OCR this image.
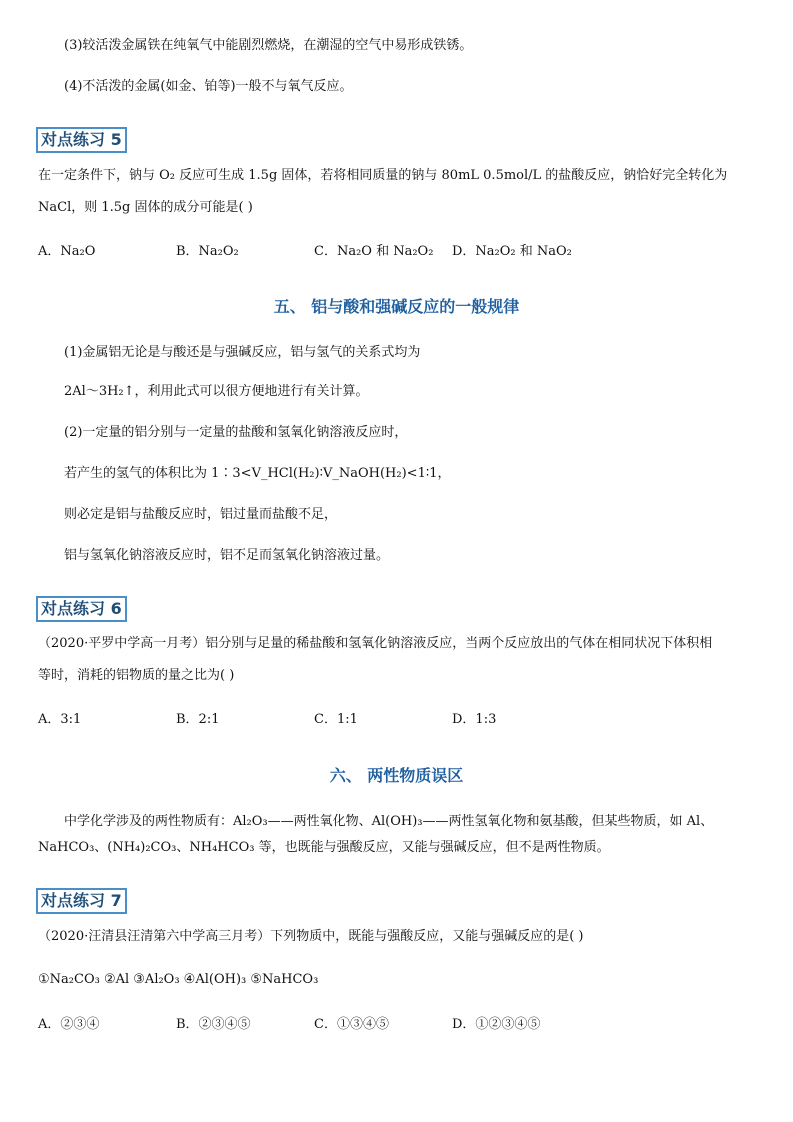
(3)较活泼金属铁在纯氧气中能剧烈燃烧，在潮湿的空气中易形成铁锈。
(4)不活泼的金属(如金、铂等)一般不与氧气反应。
对点练习 5
在一定条件下，钠与 O₂ 反应可生成 1.5g 固体，若将相同质量的钠与 80mL 0.5mol/L 的盐酸反应，钠恰好完全转化为
NaCl，则 1.5g 固体的成分可能是( )
A．Na₂O	B．Na₂O₂	C．Na₂O 和 Na₂O₂ D．Na₂O₂ 和 NaO₂
五、 铝与酸和强碱反应的一般规律
(1)金属铝无论是与酸还是与强碱反应，铝与氢气的关系式均为
2Al～3H₂↑，利用此式可以很方便地进行有关计算。
(2)一定量的铝分别与一定量的盐酸和氢氧化钠溶液反应时，
若产生的氢气的体积比为 1∶3<V_HCl(H₂)∶V_NaOH(H₂)<1∶1，
则必定是铝与盐酸反应时，铝过量而盐酸不足，
铝与氢氧化钠溶液反应时，铝不足而氢氧化钠溶液过量。
对点练习 6
（2020·平罗中学高一月考）铝分别与足量的稀盐酸和氢氧化钠溶液反应，当两个反应放出的气体在相同状况下体积相
等时，消耗的铝物质的量之比为( )
A．3:1	B．2:1	C．1:1	D．1:3
六、 两性物质误区
中学化学涉及的两性物质有：Al₂O₃——两性氧化物、Al(OH)₃——两性氢氧化物和氨基酸，但某些物质，如 Al、
NaHCO₃、(NH₄)₂CO₃、NH₄HCO₃ 等，也既能与强酸反应，又能与强碱反应，但不是两性物质。
对点练习 7
（2020·汪清县汪清第六中学高三月考）下列物质中，既能与强酸反应，又能与强碱反应的是( )
①Na₂CO₃ ②Al ③Al₂O₃ ④Al(OH)₃ ⑤NaHCO₃
A．②③④	B．②③④⑤	C．①③④⑤	D．①②③④⑤
